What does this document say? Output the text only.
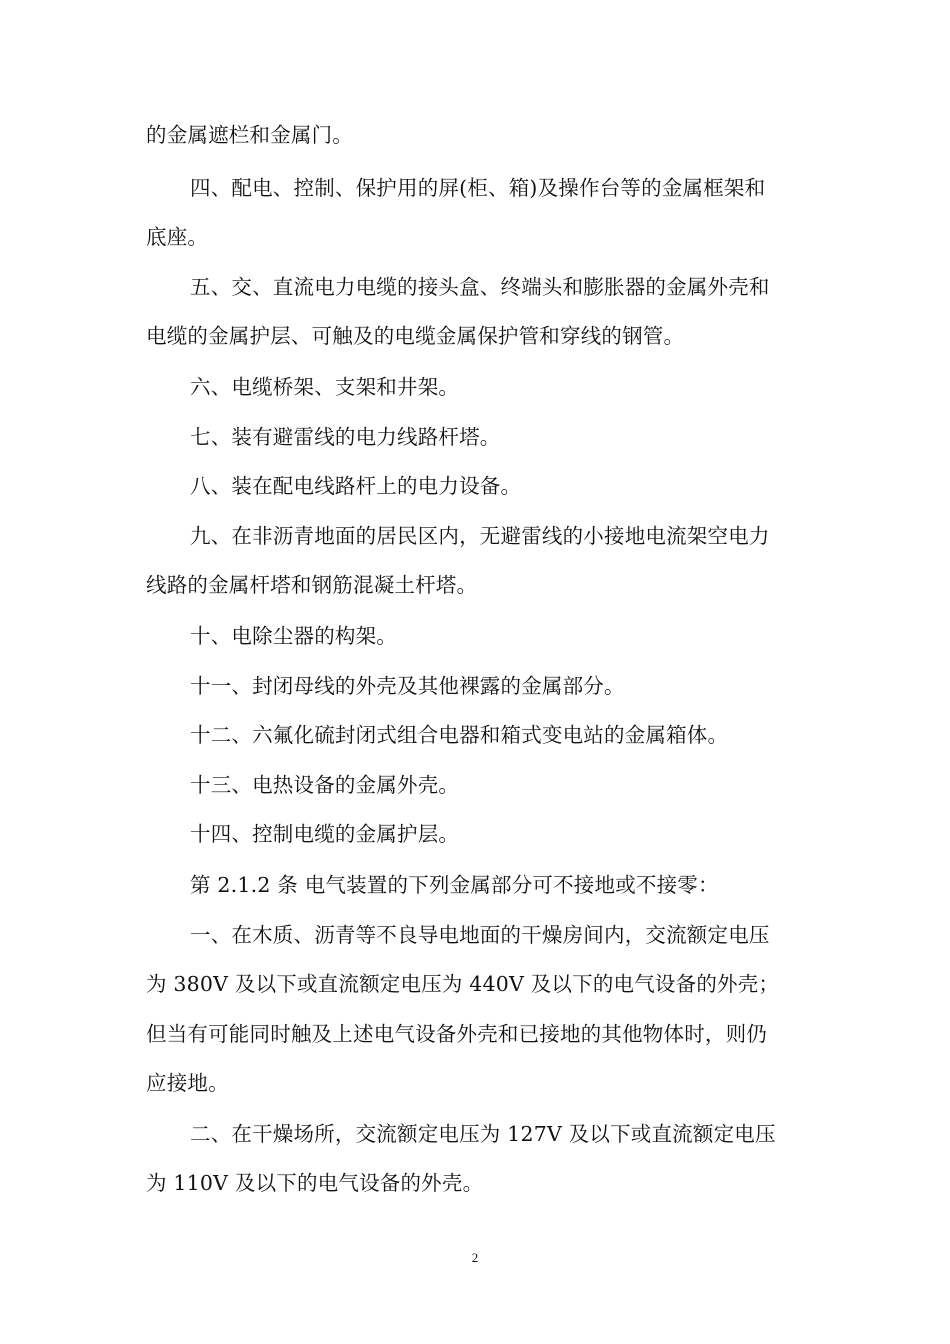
的金属遮栏和金属门。
四、配电、控制、保护用的屏(柜、箱)及操作台等的金属框架和
底座。
五、交、直流电力电缆的接头盒、终端头和膨胀器的金属外壳和
电缆的金属护层、可触及的电缆金属保护管和穿线的钢管。
六、电缆桥架、支架和井架。
七、装有避雷线的电力线路杆塔。
八、装在配电线路杆上的电力设备。
九、在非沥青地面的居民区内，无避雷线的小接地电流架空电力
线路的金属杆塔和钢筋混凝土杆塔。
十、电除尘器的构架。
十一、封闭母线的外壳及其他裸露的金属部分。
十二、六氟化硫封闭式组合电器和箱式变电站的金属箱体。
十三、电热设备的金属外壳。
十四、控制电缆的金属护层。
第 2.1.2 条 电气装置的下列金属部分可不接地或不接零：
一、在木质、沥青等不良导电地面的干燥房间内，交流额定电压
为 380V 及以下或直流额定电压为 440V 及以下的电气设备的外壳；
但当有可能同时触及上述电气设备外壳和已接地的其他物体时，则仍
应接地。
二、在干燥场所，交流额定电压为 127V 及以下或直流额定电压
为 110V 及以下的电气设备的外壳。
2
